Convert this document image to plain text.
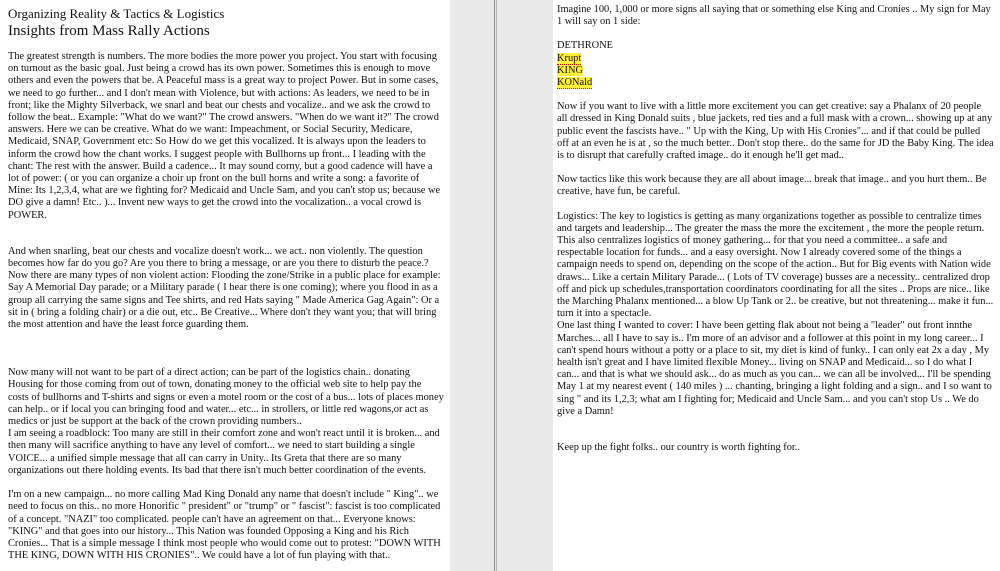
Organizing Reality & Tactics & Logistics
Insights from Mass Rally Actions

The greatest strength is numbers. The more bodies the more power you project. You start with focusing on turnout as the basic goal. Just being a crowd has its own power. Sometimes this is enough to move others and even the powers that be. A Peaceful mass is a great way to project Power. But in some cases, we need to go further... and I don't mean with Violence, but with actions: As leaders, we need to be in front; like the Mighty Silverback, we snarl and beat our chests and vocalize.. and we ask the crowd to follow the beat.. Example: "What do we want?" The crowd answers. "When do we want it?" The crowd answers. Here we can be creative. What do we want: Impeachment, or Social Security, Medicare, Medicaid, SNAP, Government etc: So How do we get this vocalized. It is always upon the leaders to inform the crowd how the chant works. I suggest people with Bullhorns up front... I leading with the chant: The rest with the answer. Build a cadence... It may sound corny, but a good cadence will have a lot of power: ( or you can organize a choir up front on the bull horns and write a song: a favorite of Mine: Its 1,2,3,4, what are we fighting for? Medicaid and Uncle Sam, and you can't stop us; because we DO give a damn! Etc.. )... Invent new ways to get the crowd into the vocalization.. a vocal crowd is POWER.

And when snarling, beat our chests and vocalize doesn't work... we act.. non violently. The question becomes how far do you go? Are you there to bring a message, or are you there to disturb the peace.? Now there are many types of non violent action: Flooding the zone/Strike in a public place for example: Say A Memorial Day parade; or a Military parade ( I hear there is one coming); where you flood in as a group all carrying the same signs and Tee shirts, and red Hats saying " Made America Gag Again": Or a sit in ( bring a folding chair) or a die out, etc.. Be Creative... Where don't they want you; that will bring the most attention and have the least force guarding them.

Now many will not want to be part of a direct action; can be part of the logistics chain.. donating Housing for those coming from out of town, donating money to the official web site to help pay the costs of bullhorns and T-shirts and signs or even a motel room or the cost of a bus... lots of places money can help.. or if local you can bringing food and water... etc... in strollers, or little red wagons,or act as medics or just be support at the back of the crown providing numbers..

I am seeing a roadblock: Too many are still in their comfort zone and won't react until it is broken... and then many will sacrifice anything to have any level of comfort... we need to start building a single VOICE... a unified simple message that all can carry in Unity.. Its Greta that there are so many organizations out there holding events. Its bad that there isn't much better coordination of the events.

I'm on a new campaign... no more calling Mad King Donald any name that doesn't include " King".. we need to focus on this.. no more Honorific " president" or "trump" or " fascist": fascist is too complicated of a concept. "NAZI" too complicated. people can't have an agreement on that... Everyone knows: "KING" and that goes into our history... This Nation was founded Opposing a King and his Rich Cronies... That is a simple message I think most people who would come out to protest: "DOWN WITH THE KING, DOWN WITH HIS CRONIES".. We could have a lot of fun playing with that..

Imagine 100, 1,000 or more signs all saying that or something else King and Cronies .. My sign for May 1 will say on 1 side:

DETHRONE
Krupt
KING
KONald

Now if you want to live with a little more excitement you can get creative: say a Phalanx of 20 people all dressed in King Donald suits , blue jackets, red ties and a full mask with a crown... showing up at any public event the fascists have.. " Up with the King, Up with His Cronies"... and if that could be pulled off at an even he is at , so the much better.. Don't stop there.. do the same for JD the Baby King. The idea is to disrupt that carefully crafted image.. do it enough he'll get mad..

Now tactics like this work because they are all about image... break that image.. and you hurt them.. Be creative, have fun, be careful.

Logistics: The key to logistics is getting as many organizations together as possible to centralize times and targets and leadership... The greater the mass the more the excitement , the more the people return. This also centralizes logistics of money gathering... for that you need a committee.. a safe and respectable location for funds... and a easy oversight. Now I already covered some of the things a campaign needs to spend on, depending on the scope of the action.. But for Big events with Nation wide draws... Like a certain Military Parade... ( Lots of TV coverage) busses are a necessity.. centralized drop off and pick up schedules,transportation coordinators coordinating for all the sites .. Props are nice.. like the Marching Phalanx mentioned... a blow Up Tank or 2.. be creative, but not threatening... make it fun... turn it into a spectacle.

One last thing I wanted to cover: I have been getting flak about not being a "leader" out front innthe Marches... all I have to say is.. I'm more of an advisor and a follower at this point in my long career... I can't spend hours without a potty or a place to sit, my diet is kind of funky.. I can only eat 2x a day , My health isn't great and I have limited flexible Money... living on SNAP and Medicaid... so I do what I can... and that is what we should ask... do as much as you can... we can all be involved... I'll be spending May 1 at my nearest event ( 140 miles ) ... chanting, bringing a light folding and a sign.. and I so want to sing " and its 1,2,3; what am I fighting for; Medicaid and Uncle Sam... and you can't stop Us .. We do give a Damn!

Keep up the fight folks.. our country is worth fighting for..
